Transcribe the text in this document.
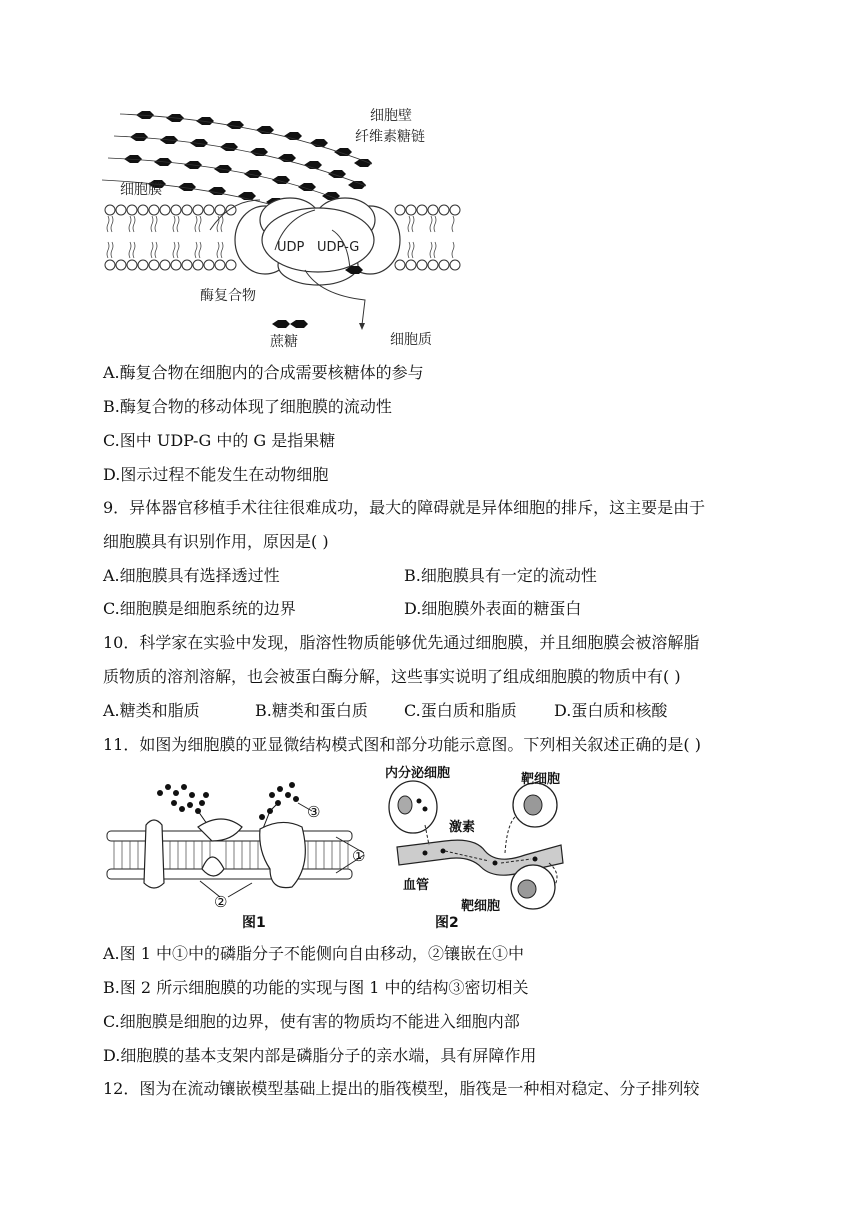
细胞壁
纤维素糖链
细胞膜
UDP UDP-G
酶复合物
蔗糖	细胞质
A.酶复合物在细胞内的合成需要核糖体的参与
B.酶复合物的移动体现了细胞膜的流动性
C.图中 UDP-G 中的 G 是指果糖
D.图示过程不能发生在动物细胞
9．异体器官移植手术往往很难成功，最大的障碍就是异体细胞的排斥，这主要是由于
细胞膜具有识别作用，原因是( )
A.细胞膜具有选择透过性	B.细胞膜具有一定的流动性
C.细胞膜是细胞系统的边界	D.细胞膜外表面的糖蛋白
10．科学家在实验中发现，脂溶性物质能够优先通过细胞膜，并且细胞膜会被溶解脂
质物质的溶剂溶解，也会被蛋白酶分解，这些事实说明了组成细胞膜的物质中有( )
A.糖类和脂质	B.糖类和蛋白质 C.蛋白质和脂质 D.蛋白质和核酸
11．如图为细胞膜的亚显微结构模式图和部分功能示意图。下列相关叙述正确的是( )
③
①
②
图1
内分泌细胞	靶细胞
激素
血管
靶细胞
图2
A.图 1 中①中的磷脂分子不能侧向自由移动，②镶嵌在①中
B.图 2 所示细胞膜的功能的实现与图 1 中的结构③密切相关
C.细胞膜是细胞的边界，使有害的物质均不能进入细胞内部
D.细胞膜的基本支架内部是磷脂分子的亲水端，具有屏障作用
12．图为在流动镶嵌模型基础上提出的脂筏模型，脂筏是一种相对稳定、分子排列较
